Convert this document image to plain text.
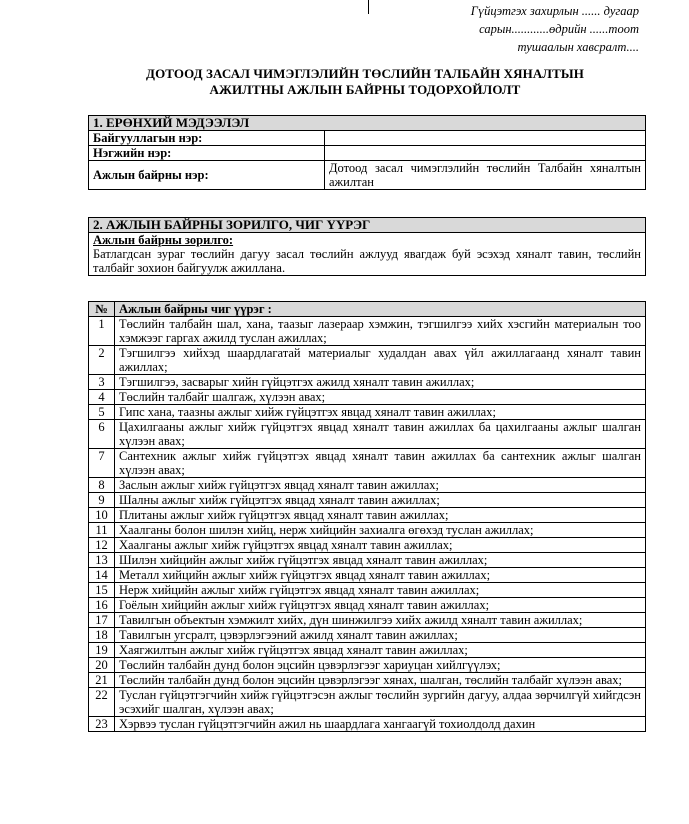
Гүйцэтгэх захирлын ...... дугаар
сарын............өдрийн ......тоот
тушаалын хавсралт....
ДОТООД ЗАСАЛ ЧИМЭГЛЭЛИЙН ТӨСЛИЙН ТАЛБАЙН ХЯНАЛТЫН
АЖИЛТНЫ АЖЛЫН БАЙРНЫ ТОДОРХОЙЛОЛТ
1. ЕРӨНХИЙ МЭДЭЭЛЭЛ	
Байгууллагын нэр:	
Нэгжийн нэр:	
Ажлын байрны нэр:	Дотоод засал чимэглэлийн төслийн Талбайн хяналтын ажилтан
2. АЖЛЫН БАЙРНЫ ЗОРИЛГО, ЧИГ ҮҮРЭГ

Ажлын байрны зорилго:
Батлагдсан зураг төслийн дагуу засал төслийн ажлууд явагдаж буй эсэхэд хяналт тавин, төслийн талбайг зохион байгуулж ажиллана.
№	Ажлын байрны чиг үүрэг :
1	Төслийн талбайн шал, хана, таазыг лазераар хэмжин, тэгшилгээ хийх хэсгийн материалын тоо хэмжээг гаргах ажилд туслан ажиллах;
2	Тэгшилгээ хийхэд шаардлагатай материалыг худалдан авах үйл ажиллагаанд хяналт тавин ажиллах;
3	Тэгшилгээ, засварыг хийн гүйцэтгэх ажилд хяналт тавин ажиллах;
4	Төслийн талбайг шалгаж, хүлээн авах;
5	Гипс хана, таазны ажлыг хийж гүйцэтгэх явцад хяналт тавин ажиллах;
6	Цахилгааны ажлыг хийж гүйцэтгэх явцад хяналт тавин ажиллах ба цахилгааны ажлыг шалган хүлээн авах;
7	Сантехник ажлыг хийж гүйцэтгэх явцад хяналт тавин ажиллах ба сантехник ажлыг шалган хүлээн авах;
8	Заслын ажлыг хийж гүйцэтгэх явцад хяналт тавин ажиллах;
9	Шалны ажлыг хийж гүйцэтгэх явцад хяналт тавин ажиллах;
10	Плитаны ажлыг хийж гүйцэтгэх явцад хяналт тавин ажиллах;
11	Хаалганы болон шилэн хийц, нерж хийцийн захиалга өгөхэд туслан ажиллах;
12	Хаалганы ажлыг хийж гүйцэтгэх явцад хяналт тавин ажиллах;
13	Шилэн хийцийн ажлыг хийж гүйцэтгэх явцад хяналт тавин ажиллах;
14	Металл хийцийн ажлыг хийж гүйцэтгэх явцад хяналт тавин ажиллах;
15	Нерж хийцийн ажлыг хийж гүйцэтгэх явцад хяналт тавин ажиллах;
16	Гоёлын хийцийн ажлыг хийж гүйцэтгэх явцад хяналт тавин ажиллах;
17	Тавилгын объектын хэмжилт хийх, дүн шинжилгээ хийх ажилд хяналт тавин ажиллах;
18	Тавилгын угсралт, цэвэрлэгээний ажилд хяналт тавин ажиллах;
19	Хаягжилтын ажлыг хийж гүйцэтгэх явцад хяналт тавин ажиллах;
20	Төслийн талбайн дунд болон эцсийн цэвэрлэгээг хариуцан хийлгүүлэх;
21	Төслийн талбайн дунд болон эцсийн цэвэрлэгээг хянах, шалган, төслийн талбайг хүлээн авах;
22	Туслан гүйцэтгэгчийн хийж гүйцэтгэсэн ажлыг төслийн зургийн дагуу, алдаа зөрчилгүй хийгдсэн эсэхийг шалган, хүлээн авах;
23	Хэрвээ туслан гүйцэтгэгчийн ажил нь шаардлага хангаагүй тохиолдолд дахин
